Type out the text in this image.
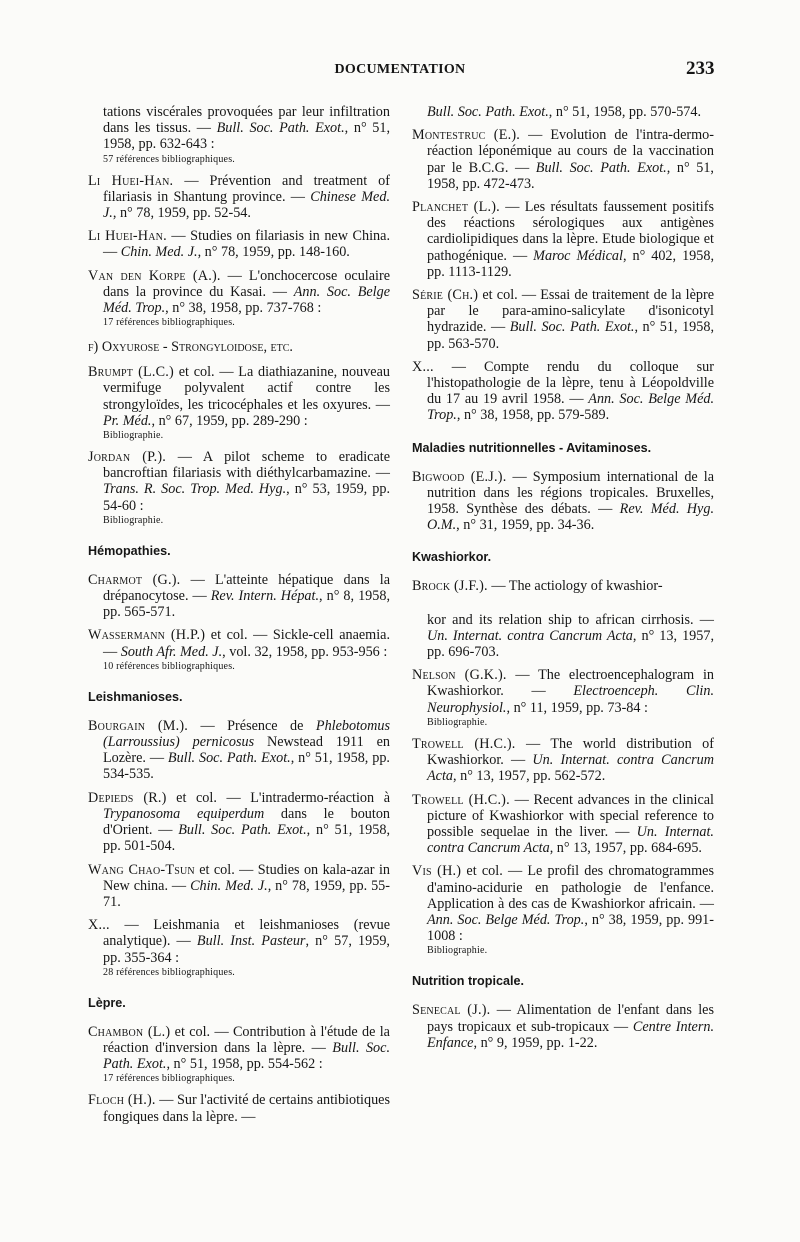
DOCUMENTATION	233

tations viscérales provoquées par leur infiltration dans les tissus. — Bull. Soc. Path. Exot., n° 51, 1958, pp. 632-643 :
57 références bibliographiques.

Li Huei-Han. — Prévention and treatment of filariasis in Shantung province. — Chinese Med. J., n° 78, 1959, pp. 52-54.

Li Huei-Han. — Studies on filariasis in new China. — Chin. Med. J., n° 78, 1959, pp. 148-160.

Van den Korpe (A.). — L'onchocercose oculaire dans la province du Kasai. — Ann. Soc. Belge Méd. Trop., n° 38, 1958, pp. 737-768 :
17 références bibliographiques.

f) Oxyurose - Strongyloidose, etc.

Brumpt (L.C.) et col. — La diathiazanine, nouveau vermifuge polyvalent actif contre les strongyloïdes, les tricocéphales et les oxyures. — Pr. Méd., n° 67, 1959, pp. 289-290 :
Bibliographie.

Jordan (P.). — A pilot scheme to eradicate bancroftian filariasis with diéthylcarbamazine. — Trans. R. Soc. Trop. Med. Hyg., n° 53, 1959, pp. 54-60 :
Bibliographie.

Hémopathies.

Charmot (G.). — L'atteinte hépatique dans la drépanocytose. — Rev. Intern. Hépat., n° 8, 1958, pp. 565-571.

Wassermann (H.P.) et col. — Sickle-cell anaemia. — South Afr. Med. J., vol. 32, 1958, pp. 953-956 :
10 références bibliographiques.

Leishmanioses.

Bourgain (M.). — Présence de Phlebotomus (Larroussius) pernicosus Newstead 1911 en Lozère. — Bull. Soc. Path. Exot., n° 51, 1958, pp. 534-535.

Depieds (R.) et col. — L'intradermo-réaction à Trypanosoma equiperdum dans le bouton d'Orient. — Bull. Soc. Path. Exot., n° 51, 1958, pp. 501-504.

Wang Chao-Tsun et col. — Studies on kala-azar in New china. — Chin. Med. J., n° 78, 1959, pp. 55-71.

X... — Leishmania et leishmanioses (revue analytique). — Bull. Inst. Pasteur, n° 57, 1959, pp. 355-364 :
28 références bibliographiques.

Lèpre.

Chambon (L.) et col. — Contribution à l'étude de la réaction d'inversion dans la lèpre. — Bull. Soc. Path. Exot., n° 51, 1958, pp. 554-562 :
17 références bibliographiques.

Floch (H.). — Sur l'activité de certains antibiotiques fongiques dans la lèpre. —

Bull. Soc. Path. Exot., n° 51, 1958, pp. 570-574.

Montestruc (E.). — Evolution de l'intra-dermo-réaction léponémique au cours de la vaccination par le B.C.G. — Bull. Soc. Path. Exot., n° 51, 1958, pp. 472-473.

Planchet (L.). — Les résultats faussement positifs des réactions sérologiques aux antigènes cardiolipidiques dans la lèpre. Etude biologique et pathogénique. — Maroc Médical, n° 402, 1958, pp. 1113-1129.

Série (Ch.) et col. — Essai de traitement de la lèpre par le para-amino-salicylate d'isonicotyl hydrazide. — Bull. Soc. Path. Exot., n° 51, 1958, pp. 563-570.

X... — Compte rendu du colloque sur l'histopathologie de la lèpre, tenu à Léopoldville du 17 au 19 avril 1958. — Ann. Soc. Belge Méd. Trop., n° 38, 1958, pp. 579-589.

Maladies nutritionnelles - Avitaminoses.

Bigwood (E.J.). — Symposium international de la nutrition dans les régions tropicales. Bruxelles, 1958. Synthèse des débats. — Rev. Méd. Hyg. O.M., n° 31, 1959, pp. 34-36.

Kwashiorkor.

Brock (J.F.). — The actiology of kwashior-

kor and its relation ship to african cirrhosis. — Un. Internat. contra Cancrum Acta, n° 13, 1957, pp. 696-703.

Nelson (G.K.). — The electroencephalogram in Kwashiorkor. — Electroenceph. Clin. Neurophysiol., n° 11, 1959, pp. 73-84 :
Bibliographie.

Trowell (H.C.). — The world distribution of Kwashiorkor. — Un. Internat. contra Cancrum Acta, n° 13, 1957, pp. 562-572.

Trowell (H.C.). — Recent advances in the clinical picture of Kwashiorkor with special reference to possible sequelae in the liver. — Un. Internat. contra Cancrum Acta, n° 13, 1957, pp. 684-695.

Vis (H.) et col. — Le profil des chromatogrammes d'amino-acidurie en pathologie de l'enfance. Application à des cas de Kwashiorkor africain. — Ann. Soc. Belge Méd. Trop., n° 38, 1959, pp. 991-1008 :
Bibliographie.

Nutrition tropicale.

Senecal (J.). — Alimentation de l'enfant dans les pays tropicaux et sub-tropicaux — Centre Intern. Enfance, n° 9, 1959, pp. 1-22.
